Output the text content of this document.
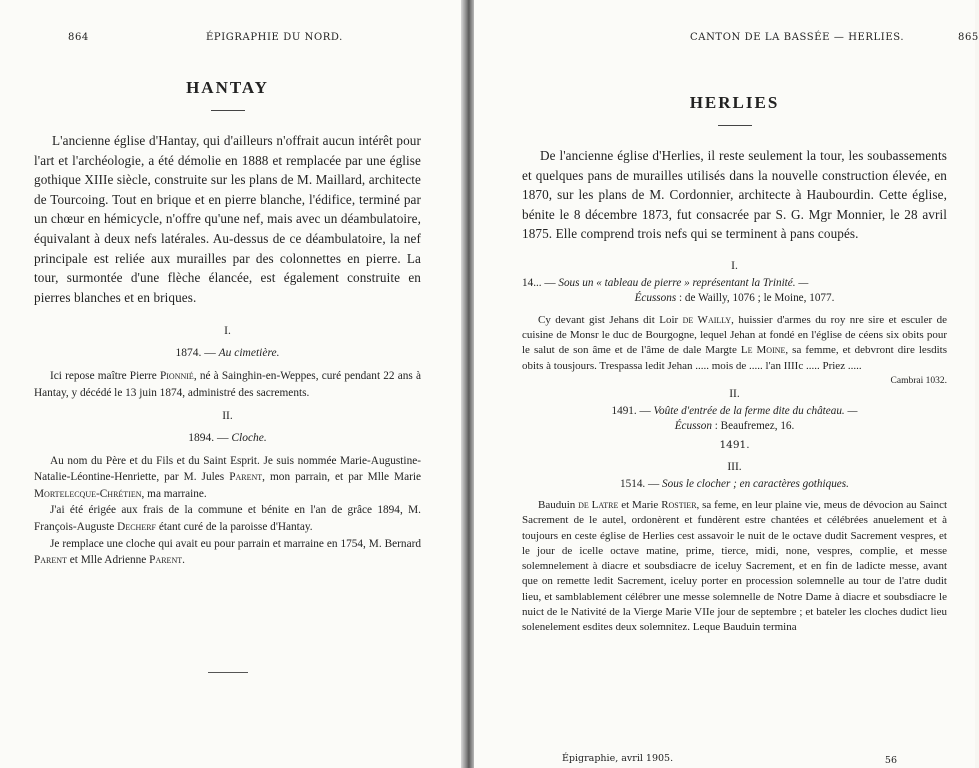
864	ÉPIGRAPHIE DU NORD.
HANTAY

L'ancienne église d'Hantay, qui d'ailleurs n'offrait aucun intérêt pour l'art et l'archéologie, a été démolie en 1888 et remplacée par une église gothique XIIIe siècle, construite sur les plans de M. Maillard, architecte de Tourcoing. Tout en brique et en pierre blanche, l'édifice, terminé par un chœur en hémicycle, n'offre qu'une nef, mais avec un déambulatoire, équivalant à deux nefs latérales. Au-dessus de ce déambulatoire, la nef principale est reliée aux murailles par des colonnettes en pierre. La tour, surmontée d'une flèche élancée, est également construite en pierres blanches et en briques.

I.
1874. — Au cimetière.

Ici repose maître Pierre Pionnié, né à Sainghin-en-Weppes, curé pendant 22 ans à Hantay, y décédé le 13 juin 1874, administré des sacrements.

II.
1894. — Cloche.

Au nom du Père et du Fils et du Saint Esprit. Je suis nommée Marie-Augustine-Natalie-Léontine-Henriette, par M. Jules Parent, mon parrain, et par Mlle Marie Mortelecque-Chrétien, ma marraine.

J'ai été érigée aux frais de la commune et bénite en l'an de grâce 1894, M. François-Auguste Decherf étant curé de la paroisse d'Hantay.

Je remplace une cloche qui avait eu pour parrain et marraine en 1754, M. Bernard Parent et Mlle Adrienne Parent.

CANTON DE LA BASSÉE — HERLIES.	865
HERLIES

De l'ancienne église d'Herlies, il reste seulement la tour, les soubassements et quelques pans de murailles utilisés dans la nouvelle construction élevée, en 1870, sur les plans de M. Cordonnier, architecte à Haubourdin. Cette église, bénite le 8 décembre 1873, fut consacrée par S. G. Mgr Monnier, le 28 avril 1875. Elle comprend trois nefs qui se terminent à pans coupés.

I.
14... — Sous un « tableau de pierre » représentant la Trinité. —
Écussons : de Wailly, 1076 ; le Moine, 1077.

Cy devant gist Jehans dit Loir de Wailly, huissier d'armes du roy nre sire et esculer de cuisine de Monsr le duc de Bourgogne, lequel Jehan at fondé en l'église de céens six obits pour le salut de son âme et de l'âme de dale Margte Le Moine, sa femme, et debvront dire lesdits obits à tousjours. Trespassa ledit Jehan ..... mois de ..... l'an IIIIc ..... Priez .....

Cambrai 1032.
II.
1491. — Voûte d'entrée de la ferme dite du château. —
Écusson : Beaufremez, 16.
1491.
III.
1514. — Sous le clocher ; en caractères gothiques.

Bauduin de Latre et Marie Rostier, sa feme, en leur plaine vie, meus de dévocion au Sainct Sacrement de le autel, ordonèrent et fundèrent estre chantées et célébrées anuelement et à toujours en ceste église de Herlies cest assavoir le nuit de le octave dudit Sacrement vespres, et le jour de icelle octave matine, prime, tierce, midi, none, vespres, complie, et messe solemnelement à diacre et soubsdiacre de iceluy Sacrement, et en fin de ladicte messe, avant que on remette ledit Sacrement, iceluy porter en procession solemnelle au tour de l'atre dudit lieu, et samblablement célébrer une messe solemnelle de Notre Dame à diacre et soubsdiacre le nuict de le Nativité de la Vierge Marie VIIe jour de septembre ; et bateler les cloches dudict lieu solenelement esdites deux solemnitez. Leque Bauduin termina

Épigraphie, avril 1905.	56
